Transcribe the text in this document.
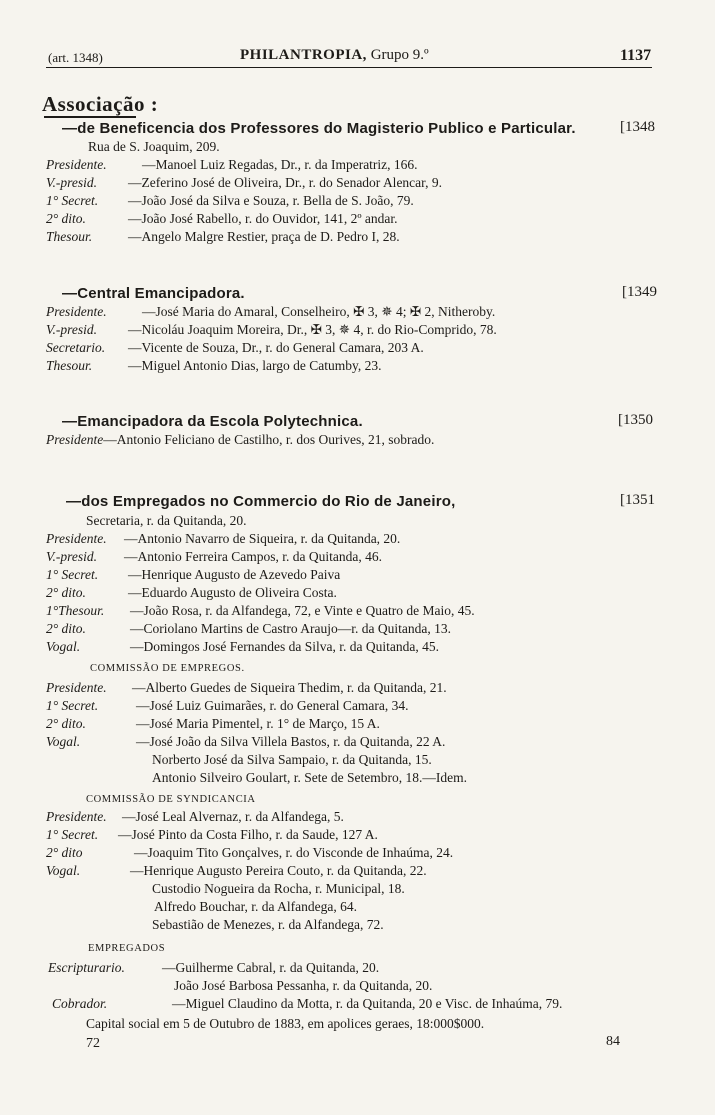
(art. 1348)	PHILANTROPIA, Grupo 9.º	1137
Associação :
—de Beneficencia dos Professores do Magisterio Publico e Particular.	[1348
Rua de S. Joaquim, 209.
Presidente.	—Manoel Luiz Regadas, Dr., r. da Imperatriz, 166.
V.-presid. —Zeferino José de Oliveira, Dr., r. do Senador Alencar, 9.
1° Secret. —João José da Silva e Souza, r. Bella de S. João, 79.
2° dito.	—João José Rabello, r. do Ouvidor, 141, 2º andar.
Thesour.	—Angelo Malgre Restier, praça de D. Pedro I, 28.
—Central Emancipadora.	[1349
Presidente.	—José Maria do Amaral, Conselheiro, ✠ 3, ✵ 4; ✠ 2, Nitheroby.
V.-presid. —Nicoláu Joaquim Moreira, Dr., ✠ 3, ✵ 4, r. do Rio-Comprido, 78.
Secretario. —Vicente de Souza, Dr., r. do General Camara, 203 A.
Thesour.	—Miguel Antonio Dias, largo de Catumby, 23.
—Emancipadora da Escola Polytechnica.	[1350
Presidente—Antonio Feliciano de Castilho, r. dos Ourives, 21, sobrado.
—dos Empregados no Commercio do Rio de Janeiro,	[1351
Secretaria, r. da Quitanda, 20.
Presidente. —Antonio Navarro de Siqueira, r. da Quitanda, 20.
V.-presid. —Antonio Ferreira Campos, r. da Quitanda, 46.
1° Secret. —Henrique Augusto de Azevedo Paiva
2° dito.	—Eduardo Augusto de Oliveira Costa.
1°Thesour. —João Rosa, r. da Alfandega, 72, e Vinte e Quatro de Maio, 45.
2° dito.	—Coriolano Martins de Castro Araujo—r. da Quitanda, 13.
Vogal.	—Domingos José Fernandes da Silva, r. da Quitanda, 45.
COMMISSÃO DE EMPREGOS.
Presidente. —Alberto Guedes de Siqueira Thedim, r. da Quitanda, 21.
1° Secret.	—José Luiz Guimarães, r. do General Camara, 34.
2° dito.	—José Maria Pimentel, r. 1° de Março, 15 A.
Vogal.	—José João da Silva Villela Bastos, r. da Quitanda, 22 A.
Norberto José da Silva Sampaio, r. da Quitanda, 15.
Antonio Silveiro Goulart, r. Sete de Setembro, 18.—Idem.
COMMISSÃO DE SYNDICANCIA
Presidente. —José Leal Alvernaz, r. da Alfandega, 5.
1° Secret. —José Pinto da Costa Filho, r. da Saude, 127 A.
2° dito	—Joaquim Tito Gonçalves, r. do Visconde de Inhaúma, 24.
Vogal.	—Henrique Augusto Pereira Couto, r. da Quitanda, 22.
Custodio Nogueira da Rocha, r. Municipal, 18.
Alfredo Bouchar, r. da Alfandega, 64.
Sebastião de Menezes, r. da Alfandega, 72.
EMPREGADOS
Escripturario.	—Guilherme Cabral, r. da Quitanda, 20.
João José Barbosa Pessanha, r. da Quitanda, 20.
Cobrador.	—Miguel Claudino da Motta, r. da Quitanda, 20 e Visc. de Inhaúma, 79.
Capital social em 5 de Outubro de 1883, em apolices geraes, 18:000$000.
72	84
